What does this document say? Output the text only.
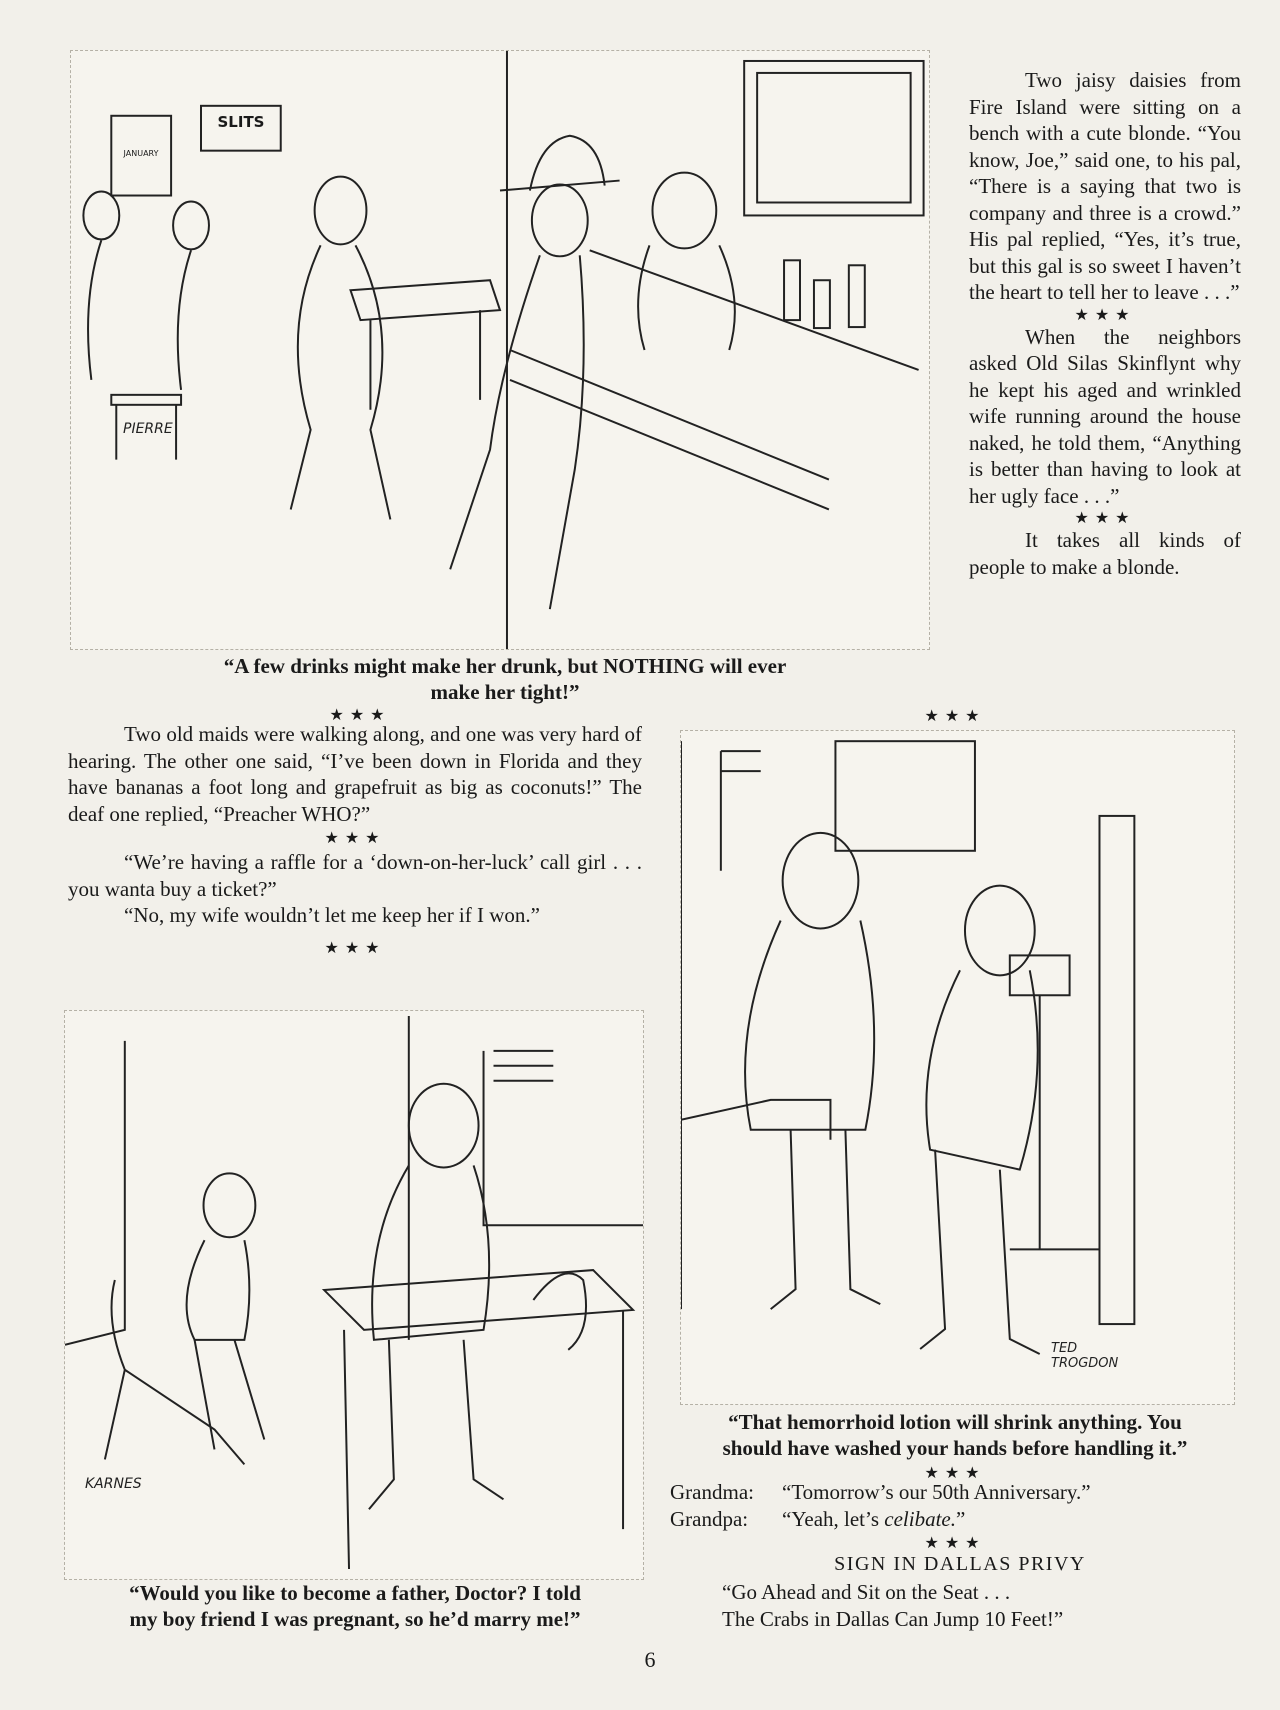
SLITS
JANUARY
PIERRE
“A few drinks might make her drunk, but NOTHING will ever
make her tight!”

Two jaisy daisies from Fire Island were sitting on a bench with a cute blonde. “You know, Joe,” said one, to his pal, “There is a saying that two is company and three is a crowd.” His pal replied, “Yes, it’s true, but this gal is so sweet I haven’t the heart to tell her to leave . . .”

★★★

When the neighbors asked Old Silas Skinflynt why he kept his aged and wrinkled wife running around the house naked, he told them, “Anything is better than having to look at her ugly face . . .”

★★★

It takes all kinds of people to make a blonde.

★★★
★★★

Two old maids were walking along, and one was very hard of hearing. The other one said, “I’ve been down in Florida and they have bananas a foot long and grapefruit as big as coconuts!” The deaf one replied, “Preacher WHO?”

★★★

“We’re having a raffle for a ‘down-on-her-luck’ call girl . . . you wanta buy a ticket?”

“No, my wife wouldn’t let me keep her if I won.”

★★★
KARNES
“Would you like to become a father, Doctor? I told
my boy friend I was pregnant, so he’d marry me!”
TED
TROGDON
“That hemorrhoid lotion will shrink anything. You
should have washed your hands before handling it.”
★★★
Grandma: “Tomorrow’s our 50th Anniversary.”
Grandpa: “Yeah, let’s celibate.”
★★★
SIGN IN DALLAS PRIVY
“Go Ahead and Sit on the Seat . . .
The Crabs in Dallas Can Jump 10 Feet!”
6
